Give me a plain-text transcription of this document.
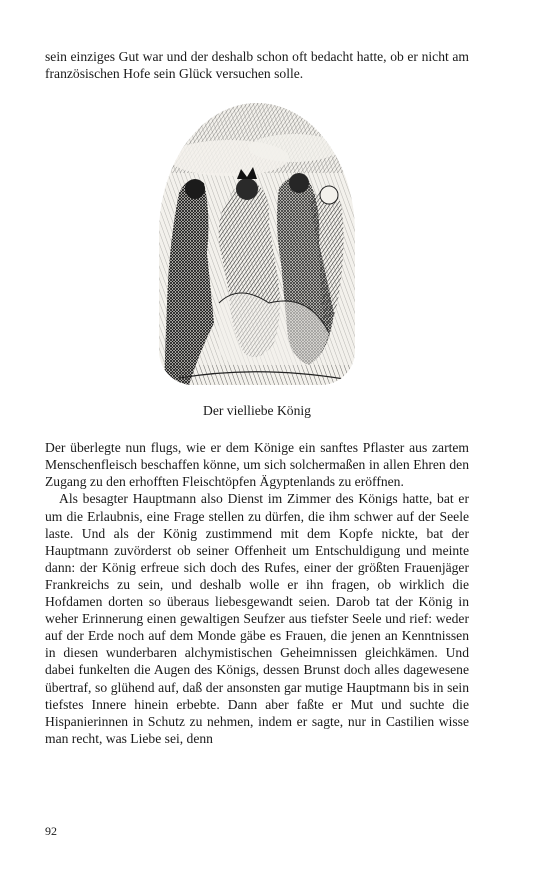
sein einziges Gut war und der deshalb schon oft bedacht hatte, ob er nicht am französischen Hofe sein Glück versuchen solle.

Der vielliebe König

Der überlegte nun flugs, wie er dem Könige ein sanftes Pflaster aus zartem Menschenfleisch beschaffen könne, um sich solchermaßen in allen Ehren den Zugang zu den erhofften Fleischtöpfen Ägyptenlands zu eröffnen.

Als besagter Hauptmann also Dienst im Zimmer des Königs hatte, bat er um die Erlaubnis, eine Frage stellen zu dürfen, die ihm schwer auf der Seele laste. Und als der König zustimmend mit dem Kopfe nickte, bat der Hauptmann zuvörderst ob seiner Offenheit um Entschuldigung und meinte dann: der König erfreue sich doch des Rufes, einer der größten Frauenjäger Frankreichs zu sein, und deshalb wolle er ihn fragen, ob wirklich die Hofdamen dorten so überaus liebesgewandt seien. Darob tat der König in weher Erinnerung einen gewaltigen Seufzer aus tiefster Seele und rief: weder auf der Erde noch auf dem Monde gäbe es Frauen, die jenen an Kenntnissen in diesen wunderbaren alchymistischen Geheimnissen gleichkämen. Und dabei funkelten die Augen des Königs, dessen Brunst doch alles dagewesene übertraf, so glühend auf, daß der ansonsten gar mutige Hauptmann bis in sein tiefstes Innere hinein erbebte. Dann aber faßte er Mut und suchte die Hispanierinnen in Schutz zu nehmen, indem er sagte, nur in Castilien wisse man recht, was Liebe sei, denn

92
